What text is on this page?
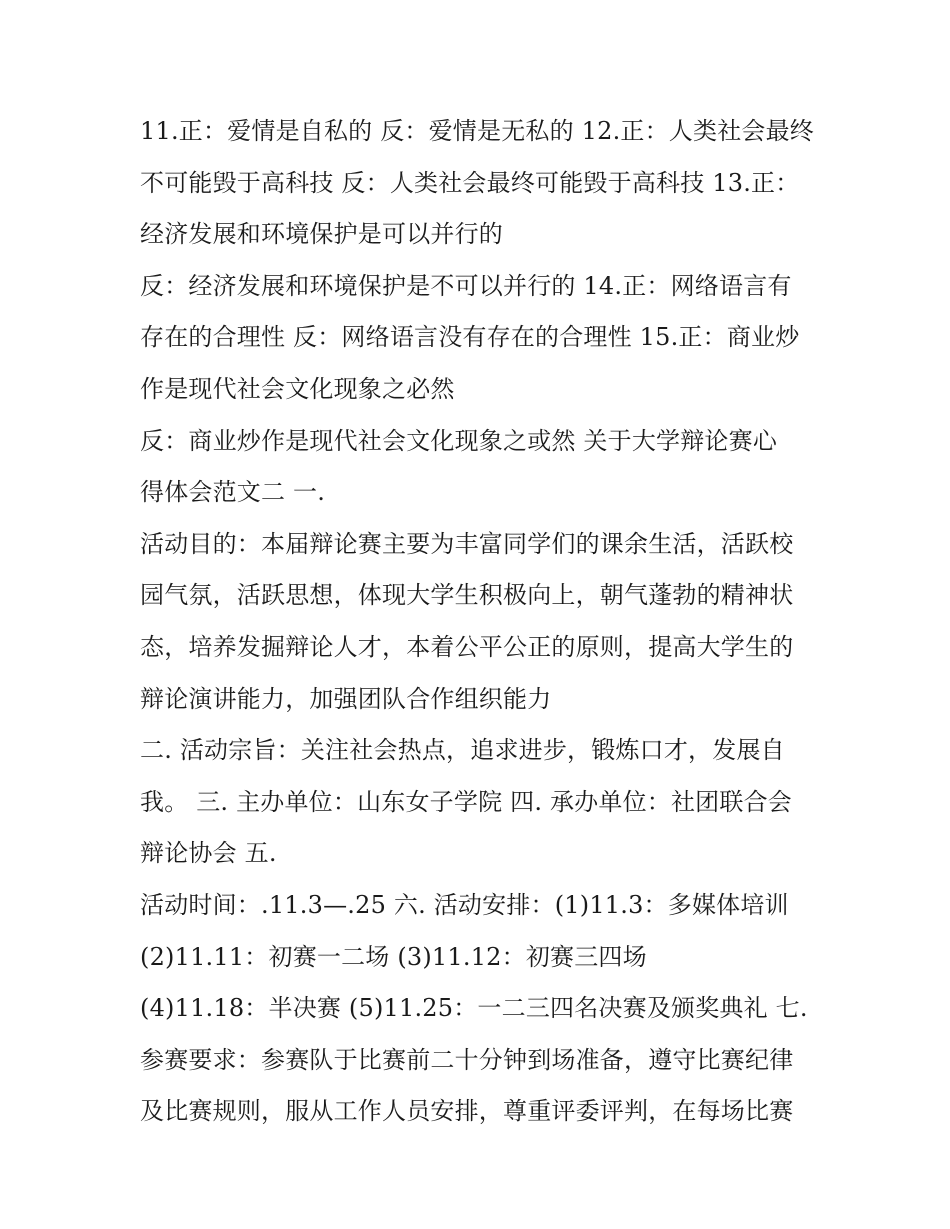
11.正：爱情是自私的 反：爱情是无私的 12.正：人类社会最终
不可能毁于高科技 反：人类社会最终可能毁于高科技 13.正：
经济发展和环境保护是可以并行的
反：经济发展和环境保护是不可以并行的 14.正：网络语言有
存在的合理性 反：网络语言没有存在的合理性 15.正：商业炒
作是现代社会文化现象之必然
反：商业炒作是现代社会文化现象之或然 关于大学辩论赛心
得体会范文二 一.
活动目的：本届辩论赛主要为丰富同学们的课余生活，活跃校
园气氛，活跃思想，体现大学生积极向上，朝气蓬勃的精神状
态，培养发掘辩论人才，本着公平公正的原则，提高大学生的
辩论演讲能力，加强团队合作组织能力
二. 活动宗旨：关注社会热点，追求进步，锻炼口才，发展自
我。 三. 主办单位：山东女子学院 四. 承办单位：社团联合会
辩论协会 五.
活动时间：.11.3—.25 六. 活动安排：(1)11.3：多媒体培训
(2)11.11：初赛一二场 (3)11.12：初赛三四场
(4)11.18：半决赛 (5)11.25：一二三四名决赛及颁奖典礼 七.
参赛要求：参赛队于比赛前二十分钟到场准备，遵守比赛纪律
及比赛规则，服从工作人员安排，尊重评委评判，在每场比赛
